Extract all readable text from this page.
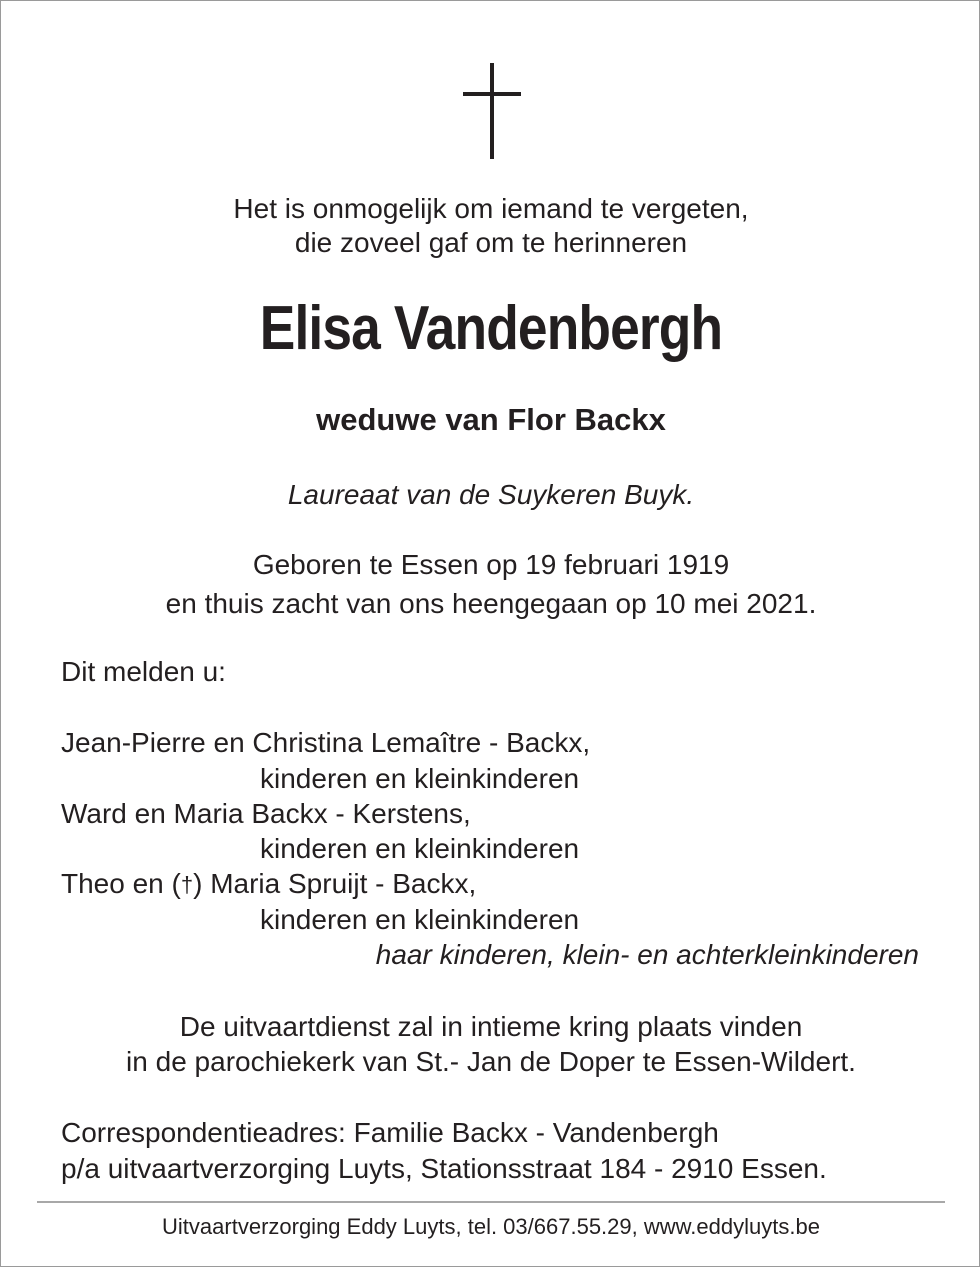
Het is onmogelijk om iemand te vergeten,
die zoveel gaf om te herinneren
Elisa Vandenbergh
weduwe van Flor Backx
Laureaat van de Suykeren Buyk.
Geboren te Essen op 19 februari 1919
en thuis zacht van ons heengegaan op 10 mei 2021.
Dit melden u:
Jean-Pierre en Christina Lemaître - Backx,
kinderen en kleinkinderen
Ward en Maria Backx - Kerstens,
kinderen en kleinkinderen
Theo en (†) Maria Spruijt - Backx,
kinderen en kleinkinderen
haar kinderen, klein- en achterkleinkinderen
De uitvaartdienst zal in intieme kring plaats vinden
in de parochiekerk van St.- Jan de Doper te Essen-Wildert.
Correspondentieadres: Familie Backx - Vandenbergh
p/a uitvaartverzorging Luyts, Stationsstraat 184 - 2910 Essen.
Uitvaartverzorging Eddy Luyts, tel. 03/667.55.29, www.eddyluyts.be
